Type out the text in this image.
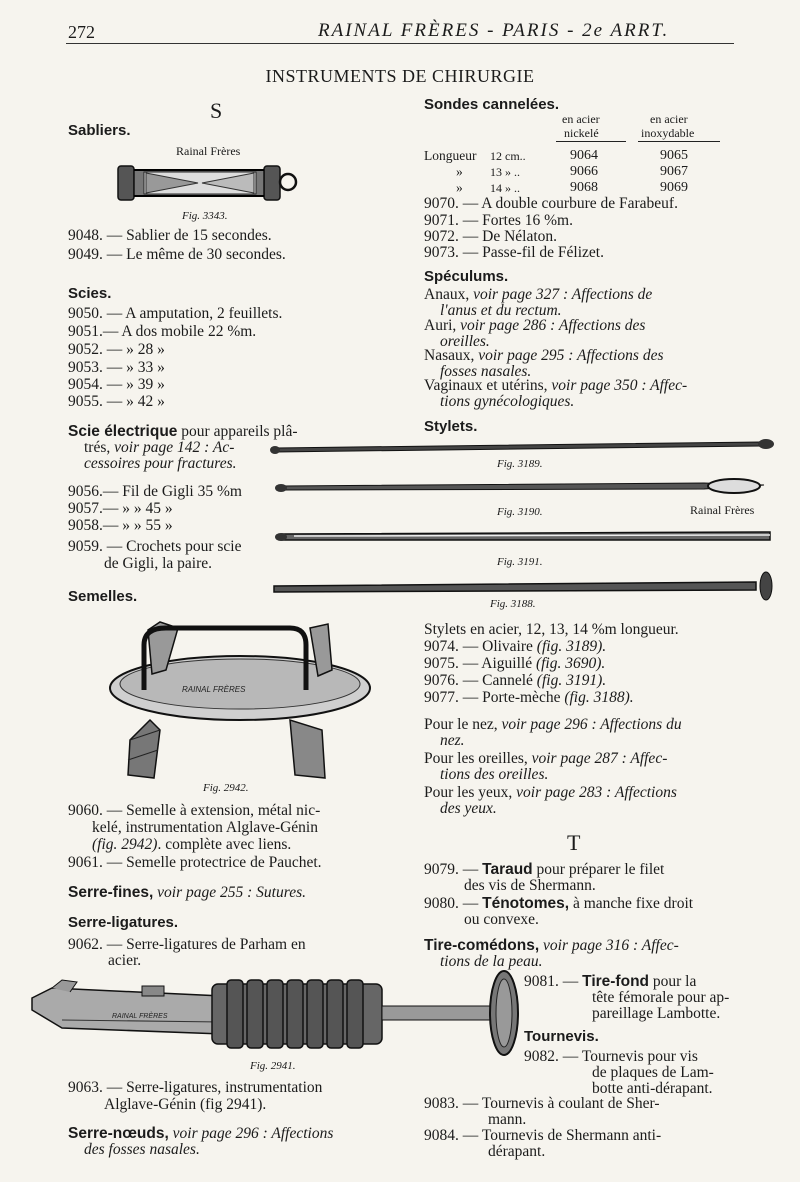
272	RAINAL FRÈRES - PARIS - 2e ARRT.
INSTRUMENTS DE CHIRURGIE
S
Sabliers.
Rainal Frères
Fig. 3343.
9048. — Sablier de 15 secondes.
9049. — Le même de 30 secondes.
Scies.
9050. — A amputation, 2 feuillets.
9051.— A dos mobile 22 %m.
9052. — » 28 »
9053. — » 33 »
9054. — » 39 »
9055. — » 42 »
Scie électrique pour appareils plâ-
trés, voir page 142 : Ac-
cessoires pour fractures.
9056.— Fil de Gigli 35 %m
9057.— » » 45 »
9058.— » » 55 »
9059. — Crochets pour scie
de Gigli, la paire.
Semelles.
RAINAL FRÈRES
Fig. 2942.
9060. — Semelle à extension, métal nic-
kelé, instrumentation Alglave-Génin
(fig. 2942). complète avec liens.
9061. — Semelle protectrice de Pauchet.
Serre-fines, voir page 255 : Sutures.
Serre-ligatures.
9062. — Serre-ligatures de Parham en
acier.
RAINAL FRÈRES
Fig. 2941.
9063. — Serre-ligatures, instrumentation
Alglave-Génin (fig 2941).
Serre-nœuds, voir page 296 : Affections
des fosses nasales.
Sondes cannelées.
en acier
nickelé
en acier
inoxydable
Longueur 12 cm..	9064	9065
» 13 » ..	9066	9067
» 14 » ..	9068	9069
9070. — A double courbure de Farabeuf.
9071. — Fortes 16 %m.
9072. — De Nélaton.
9073. — Passe-fil de Félizet.
Spéculums.
Anaux, voir page 327 : Affections de
l'anus et du rectum.
Auri, voir page 286 : Affections des
oreilles.
Nasaux, voir page 295 : Affections des
fosses nasales.
Vaginaux et utérins, voir page 350 : Affec-
tions gynécologiques.
Stylets.
Fig. 3189.
Fig. 3190.	Rainal Frères
Fig. 3191.
Fig. 3188.
Stylets en acier, 12, 13, 14 %m longueur.
9074. — Olivaire (fig. 3189).
9075. — Aiguillé (fig. 3690).
9076. — Cannelé (fig. 3191).
9077. — Porte-mèche (fig. 3188).
Pour le nez, voir page 296 : Affections du
nez.
Pour les oreilles, voir page 287 : Affec-
tions des oreilles.
Pour les yeux, voir page 283 : Affections
des yeux.
T
9079. — Taraud pour préparer le filet
des vis de Shermann.
9080. — Ténotomes, à manche fixe droit
ou convexe.
Tire-comédons, voir page 316 : Affec-
tions de la peau.
9081. — Tire-fond pour la
tête fémorale pour ap-
pareillage Lambotte.
Tournevis.
9082. — Tournevis pour vis
de plaques de Lam-
botte anti-dérapant.
9083. — Tournevis à coulant de Sher-
mann.
9084. — Tournevis de Shermann anti-
dérapant.
